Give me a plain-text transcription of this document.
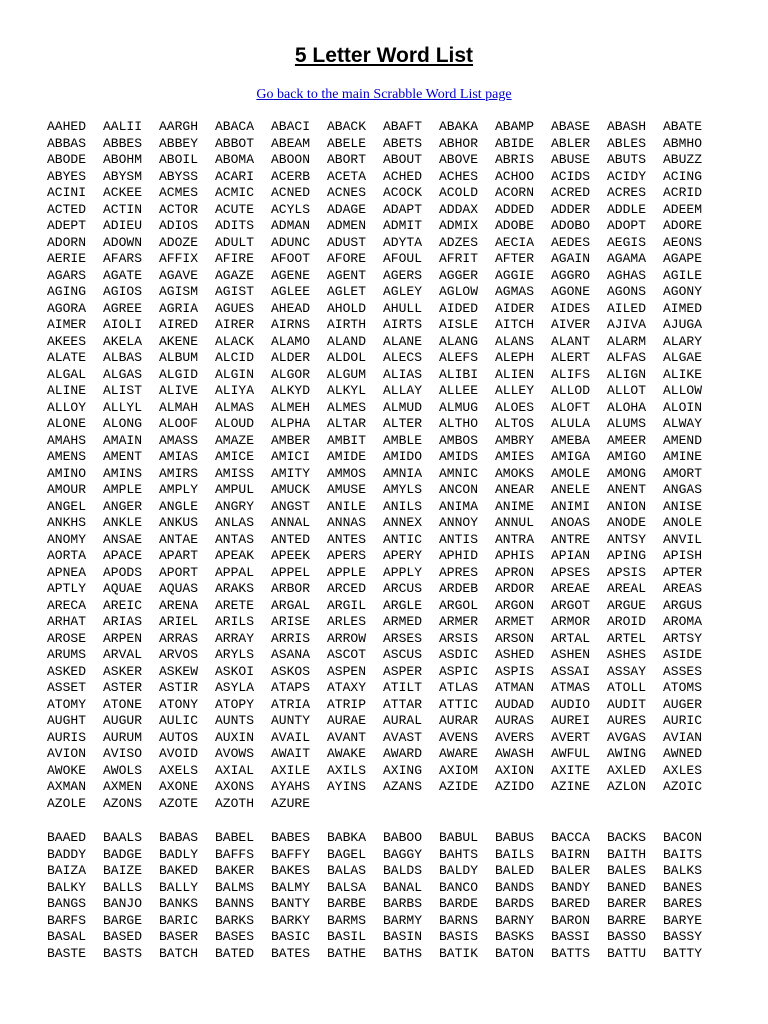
5 Letter Word List
Go back to the main Scrabble Word List page
AAHED AALII AARGH ABACA ABACI ABACK ABAFT ABAKA ABAMP ABASE ABASH ABATE
ABBAS ABBES ABBEY ABBOT ABEAM ABELE ABETS ABHOR ABIDE ABLER ABLES ABMHO
ABODE ABOHM ABOIL ABOMA ABOON ABORT ABOUT ABOVE ABRIS ABUSE ABUTS ABUZZ
ABYES ABYSM ABYSS ACARI ACERB ACETA ACHED ACHES ACHOO ACIDS ACIDY ACING
ACINI ACKEE ACMES ACMIC ACNED ACNES ACOCK ACOLD ACORN ACRED ACRES ACRID
ACTED ACTIN ACTOR ACUTE ACYLS ADAGE ADAPT ADDAX ADDED ADDER ADDLE ADEEM
ADEPT ADIEU ADIOS ADITS ADMAN ADMEN ADMIT ADMIX ADOBE ADOBO ADOPT ADORE
ADORN ADOWN ADOZE ADULT ADUNC ADUST ADYTA ADZES AECIA AEDES AEGIS AEONS
AERIE AFARS AFFIX AFIRE AFOOT AFORE AFOUL AFRIT AFTER AGAIN AGAMA AGAPE
AGARS AGATE AGAVE AGAZE AGENE AGENT AGERS AGGER AGGIE AGGRO AGHAS AGILE
AGING AGIOS AGISM AGIST AGLEE AGLET AGLEY AGLOW AGMAS AGONE AGONS AGONY
AGORA AGREE AGRIA AGUES AHEAD AHOLD AHULL AIDED AIDER AIDES AILED AIMED
AIMER AIOLI AIRED AIRER AIRNS AIRTH AIRTS AISLE AITCH AIVER AJIVA AJUGA
AKEES AKELA AKENE ALACK ALAMO ALAND ALANE ALANG ALANS ALANT ALARM ALARY
ALATE ALBAS ALBUM ALCID ALDER ALDOL ALECS ALEFS ALEPH ALERT ALFAS ALGAE
ALGAL ALGAS ALGID ALGIN ALGOR ALGUM ALIAS ALIBI ALIEN ALIFS ALIGN ALIKE
ALINE ALIST ALIVE ALIYA ALKYD ALKYL ALLAY ALLEE ALLEY ALLOD ALLOT ALLOW
ALLOY ALLYL ALMAH ALMAS ALMEH ALMES ALMUD ALMUG ALOES ALOFT ALOHA ALOIN
ALONE ALONG ALOOF ALOUD ALPHA ALTAR ALTER ALTHO ALTOS ALULA ALUMS ALWAY
AMAHS AMAIN AMASS AMAZE AMBER AMBIT AMBLE AMBOS AMBRY AMEBA AMEER AMEND
AMENS AMENT AMIAS AMICE AMICI AMIDE AMIDO AMIDS AMIES AMIGA AMIGO AMINE
AMINO AMINS AMIRS AMISS AMITY AMMOS AMNIA AMNIC AMOKS AMOLE AMONG AMORT
AMOUR AMPLE AMPLY AMPUL AMUCK AMUSE AMYLS ANCON ANEAR ANELE ANENT ANGAS
ANGEL ANGER ANGLE ANGRY ANGST ANILE ANILS ANIMA ANIME ANIMI ANION ANISE
ANKHS ANKLE ANKUS ANLAS ANNAL ANNAS ANNEX ANNOY ANNUL ANOAS ANODE ANOLE
ANOMY ANSAE ANTAE ANTAS ANTED ANTES ANTIC ANTIS ANTRA ANTRE ANTSY ANVIL
AORTA APACE APART APEAK APEEK APERS APERY APHID APHIS APIAN APING APISH
APNEA APODS APORT APPAL APPEL APPLE APPLY APRES APRON APSES APSIS APTER
APTLY AQUAE AQUAS ARAKS ARBOR ARCED ARCUS ARDEB ARDOR AREAE AREAL AREAS
ARECA AREIC ARENA ARETE ARGAL ARGIL ARGLE ARGOL ARGON ARGOT ARGUE ARGUS
ARHAT ARIAS ARIEL ARILS ARISE ARLES ARMED ARMER ARMET ARMOR AROID AROMA
AROSE ARPEN ARRAS ARRAY ARRIS ARROW ARSES ARSIS ARSON ARTAL ARTEL ARTSY
ARUMS ARVAL ARVOS ARYLS ASANA ASCOT ASCUS ASDIC ASHED ASHEN ASHES ASIDE
ASKED ASKER ASKEW ASKOI ASKOS ASPEN ASPER ASPIC ASPIS ASSAI ASSAY ASSES
ASSET ASTER ASTIR ASYLA ATAPS ATAXY ATILT ATLAS ATMAN ATMAS ATOLL ATOMS
ATOMY ATONE ATONY ATOPY ATRIA ATRIP ATTAR ATTIC AUDAD AUDIO AUDIT AUGER
AUGHT AUGUR AULIC AUNTS AUNTY AURAE AURAL AURAR AURAS AUREI AURES AURIC
AURIS AURUM AUTOS AUXIN AVAIL AVANT AVAST AVENS AVERS AVERT AVGAS AVIAN
AVION AVISO AVOID AVOWS AWAIT AWAKE AWARD AWARE AWASH AWFUL AWING AWNED
AWOKE AWOLS AXELS AXIAL AXILE AXILS AXING AXIOM AXION AXITE AXLED AXLES
AXMAN AXMEN AXONE AXONS AYAHS AYINS AZANS AZIDE AZIDO AZINE AZLON AZOIC
AZOLE AZONS AZOTE AZOTH AZURE
BAAED BAALS BABAS BABEL BABES BABKA BABOO BABUL BABUS BACCA BACKS BACON
BADDY BADGE BADLY BAFFS BAFFY BAGEL BAGGY BAHTS BAILS BAIRN BAITH BAITS
BAIZA BAIZE BAKED BAKER BAKES BALAS BALDS BALDY BALED BALER BALES BALKS
BALKY BALLS BALLY BALMS BALMY BALSA BANAL BANCO BANDS BANDY BANED BANES
BANGS BANJO BANKS BANNS BANTY BARBE BARBS BARDE BARDS BARED BARER BARES
BARFS BARGE BARIC BARKS BARKY BARMS BARMY BARNS BARNY BARON BARRE BARYE
BASAL BASED BASER BASES BASIC BASIL BASIN BASIS BASKS BASSI BASSO BASSY
BASTE BASTS BATCH BATED BATES BATHE BATHS BATIK BATON BATTS BATTU BATTY
